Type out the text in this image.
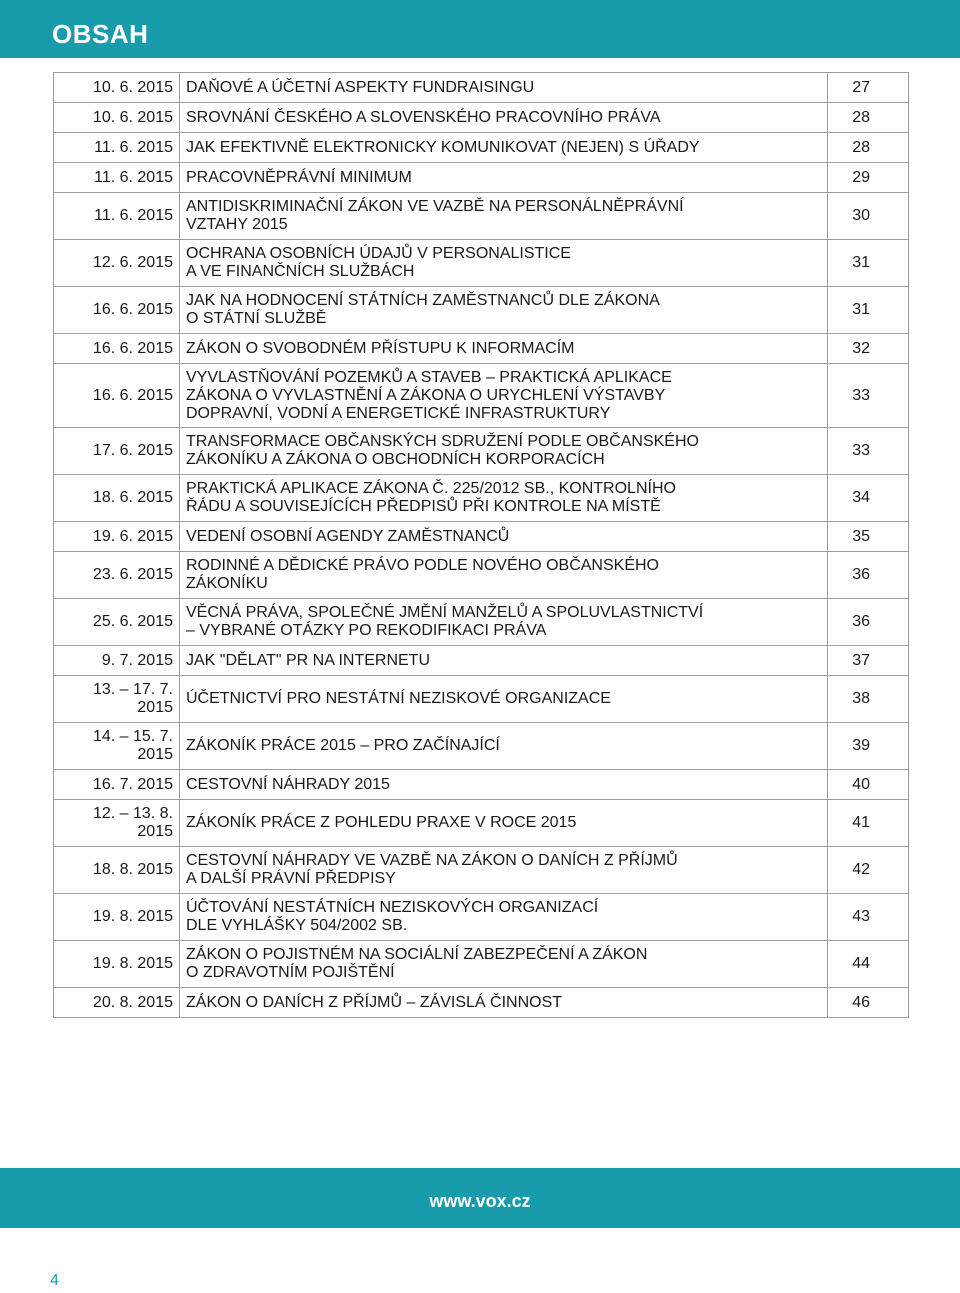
OBSAH
10. 6. 2015	DAŇOVÉ A ÚČETNÍ ASPEKTY FUNDRAISINGU	27
10. 6. 2015	SROVNÁNÍ ČESKÉHO A SLOVENSKÉHO PRACOVNÍHO PRÁVA	28
11. 6. 2015	JAK EFEKTIVNĚ ELEKTRONICKY KOMUNIKOVAT (NEJEN) S ÚŘADY	28
11. 6. 2015	PRACOVNĚPRÁVNÍ MINIMUM	29
11. 6. 2015	ANTIDISKRIMINAČNÍ ZÁKON VE VAZBĚ NA PERSONÁLNĚPRÁVNÍ
VZTAHY 2015	30
12. 6. 2015	OCHRANA OSOBNÍCH ÚDAJŮ V PERSONALISTICE
A VE FINANČNÍCH SLUŽBÁCH	31
16. 6. 2015	JAK NA HODNOCENÍ STÁTNÍCH ZAMĚSTNANCŮ DLE ZÁKONA
O STÁTNÍ SLUŽBĚ	31
16. 6. 2015	ZÁKON O SVOBODNÉM PŘÍSTUPU K INFORMACÍM	32
16. 6. 2015	VYVLASTŇOVÁNÍ POZEMKŮ A STAVEB – PRAKTICKÁ APLIKACE
ZÁKONA O VYVLASTNĚNÍ A ZÁKONA O URYCHLENÍ VÝSTAVBY
DOPRAVNÍ, VODNÍ A ENERGETICKÉ INFRASTRUKTURY	33
17. 6. 2015	TRANSFORMACE OBČANSKÝCH SDRUŽENÍ PODLE OBČANSKÉHO
ZÁKONÍKU A ZÁKONA O OBCHODNÍCH KORPORACÍCH	33
18. 6. 2015	PRAKTICKÁ APLIKACE ZÁKONA Č. 225/2012 SB., KONTROLNÍHO
ŘÁDU A SOUVISEJÍCÍCH PŘEDPISŮ PŘI KONTROLE NA MÍSTĚ	34
19. 6. 2015	VEDENÍ OSOBNÍ AGENDY ZAMĚSTNANCŮ	35
23. 6. 2015	RODINNÉ A DĚDICKÉ PRÁVO PODLE NOVÉHO OBČANSKÉHO
ZÁKONÍKU	36
25. 6. 2015	VĚCNÁ PRÁVA, SPOLEČNÉ JMĚNÍ MANŽELŮ A SPOLUVLASTNICTVÍ
– VYBRANÉ OTÁZKY PO REKODIFIKACI PRÁVA	36
9. 7. 2015	JAK "DĚLAT" PR NA INTERNETU	37
13. – 17. 7.
2015	ÚČETNICTVÍ PRO NESTÁTNÍ NEZISKOVÉ ORGANIZACE	38
14. – 15. 7.
2015	ZÁKONÍK PRÁCE 2015 – PRO ZAČÍNAJÍCÍ	39
16. 7. 2015	CESTOVNÍ NÁHRADY 2015	40
12. – 13. 8.
2015	ZÁKONÍK PRÁCE Z POHLEDU PRAXE V ROCE 2015	41
18. 8. 2015	CESTOVNÍ NÁHRADY VE VAZBĚ NA ZÁKON O DANÍCH Z PŘÍJMŮ
A DALŠÍ PRÁVNÍ PŘEDPISY	42
19. 8. 2015	ÚČTOVÁNÍ NESTÁTNÍCH NEZISKOVÝCH ORGANIZACÍ
DLE VYHLÁŠKY 504/2002 SB.	43
19. 8. 2015	ZÁKON O POJISTNÉM NA SOCIÁLNÍ ZABEZPEČENÍ A ZÁKON
O ZDRAVOTNÍM POJIŠTĚNÍ	44
20. 8. 2015	ZÁKON O DANÍCH Z PŘÍJMŮ – ZÁVISLÁ ČINNOST	46
www.vox.cz
4
